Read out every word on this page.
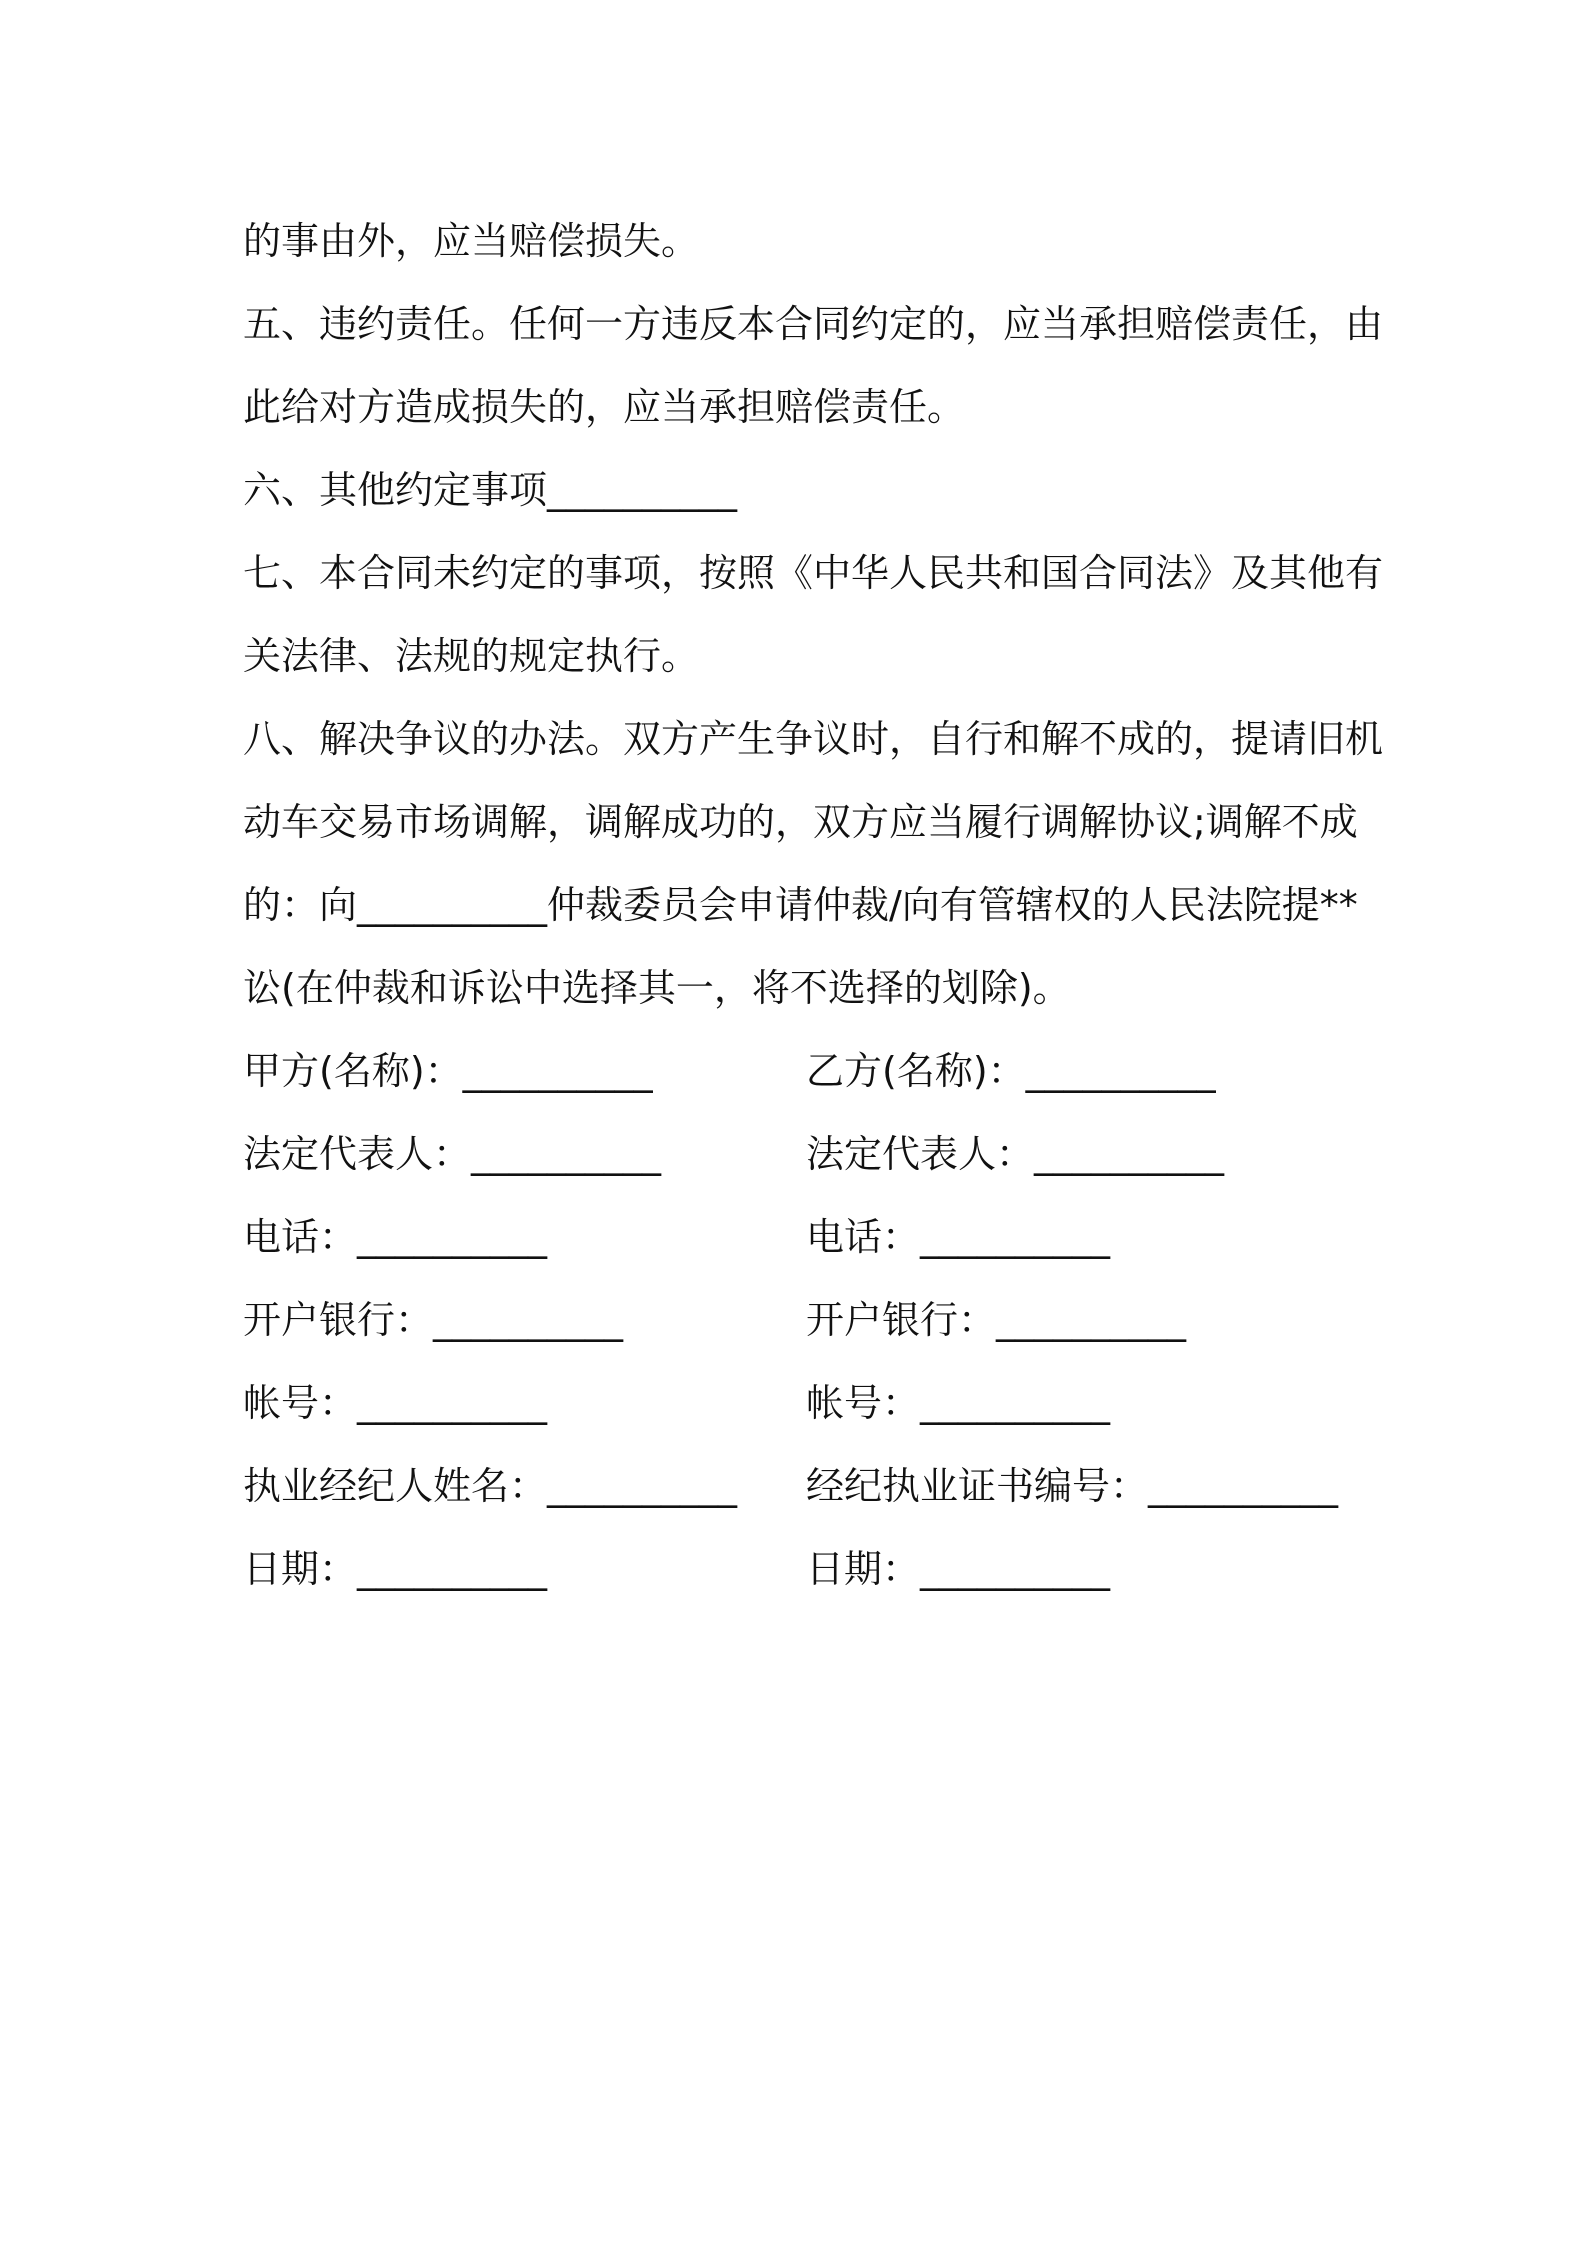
的事由外，应当赔偿损失。
五、违约责任。任何一方违反本合同约定的，应当承担赔偿责任，由
此给对方造成损失的，应当承担赔偿责任。
六、其他约定事项__________
七、本合同未约定的事项，按照《中华人民共和国合同法》及其他有
关法律、法规的规定执行。
八、解决争议的办法。双方产生争议时，自行和解不成的，提请旧机
动车交易市场调解，调解成功的，双方应当履行调解协议;调解不成
的：向__________仲裁委员会申请仲裁/向有管辖权的人民法院提**
讼(在仲裁和诉讼中选择其一，将不选择的划除)。
甲方(名称)：__________	乙方(名称)：__________
法定代表人：__________	法定代表人：__________
电话：__________	电话：__________
开户银行：__________	开户银行：__________
帐号：__________	帐号：__________
执业经纪人姓名：__________ 经纪执业证书编号：__________
日期：__________	日期：__________
